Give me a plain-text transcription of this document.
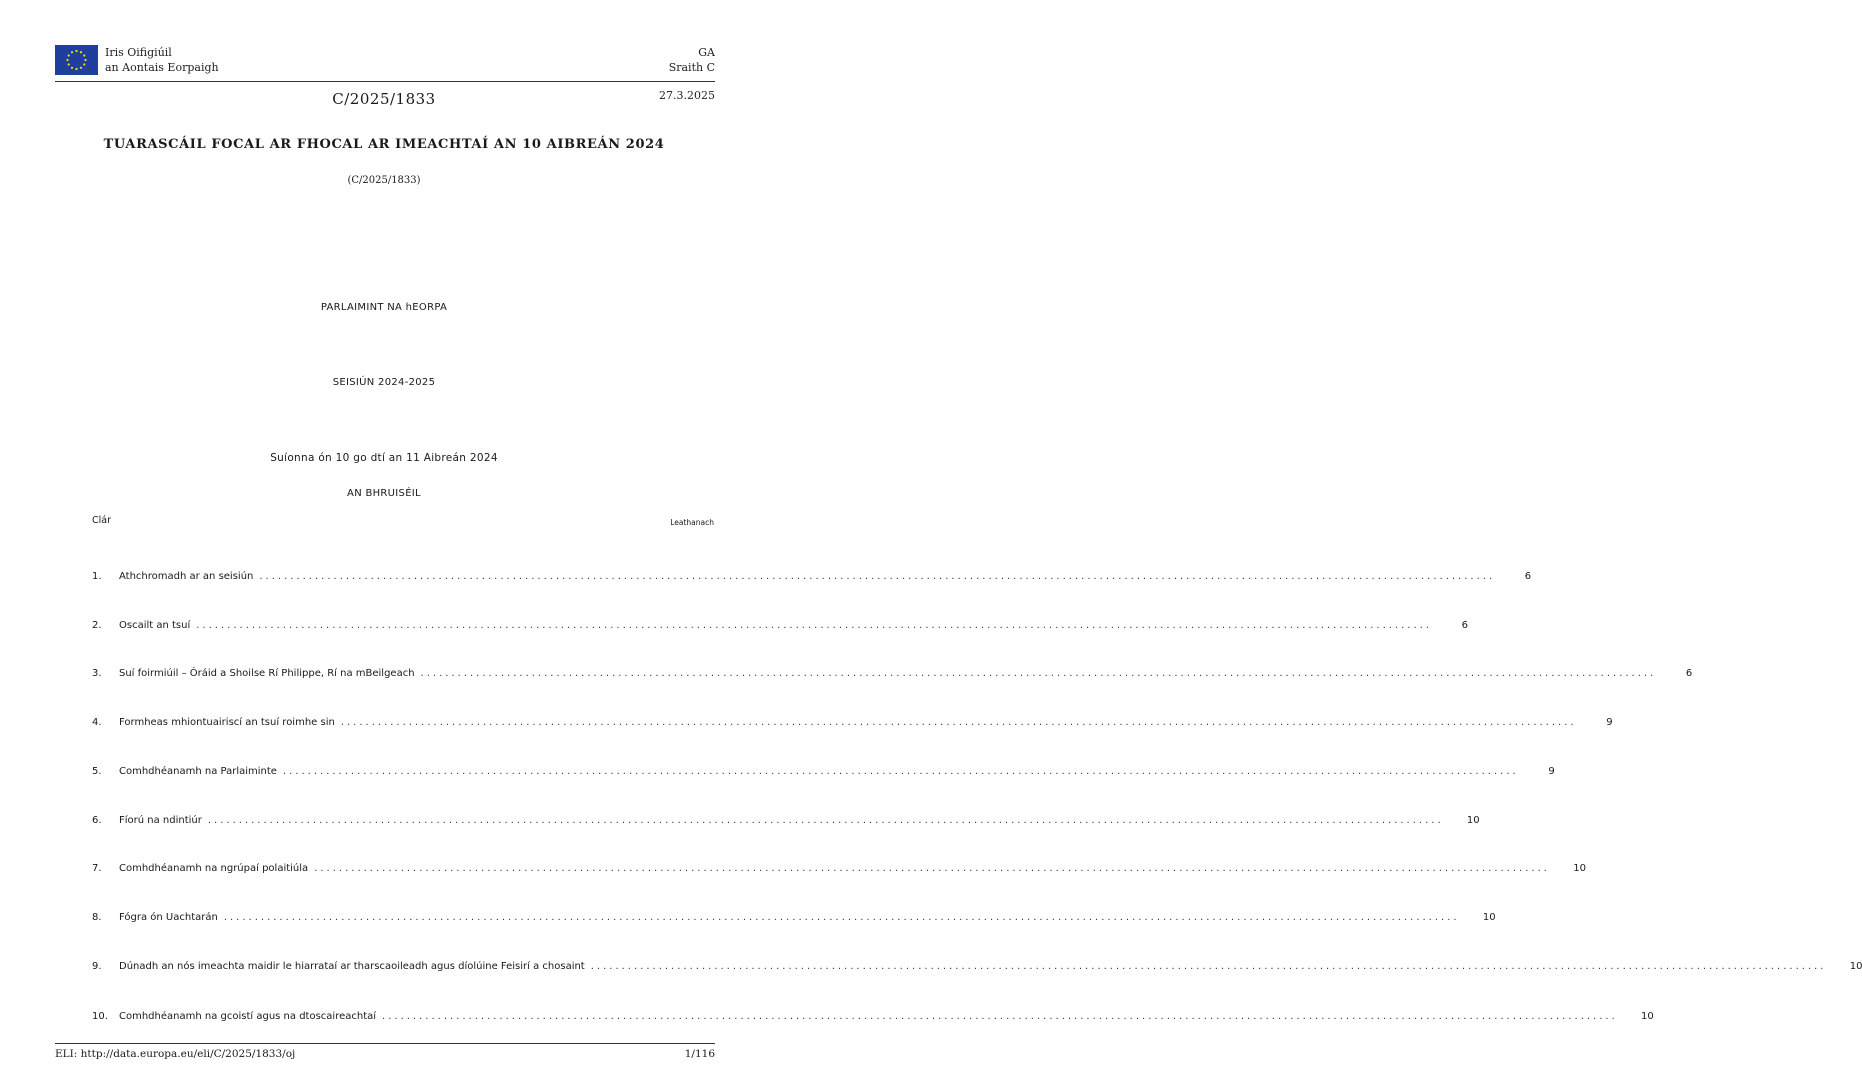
Iris Oifigiúil
an Aontais Eorpaigh
GA
Sraith C
C/2025/1833	27.3.2025
TUARASCÁIL FOCAL AR FHOCAL AR IMEACHTAÍ AN 10 AIBREÁN 2024
(C/2025/1833)
PARLAIMINT NA hEORPA
SEISIÚN 2024-2025
Suíonna ón 10 go dtí an 11 Aibreán 2024
AN BHRUISÉIL
Clár	Leathanach
1.	Athchromadh ar an seisiún ........................................................................................................................................................................................................	6
2.	Oscailt an tsuí ........................................................................................................................................................................................................	6
3.	Suí foirmiúil – Óráid a Shoilse Rí Philippe, Rí na mBeilgeach ........................................................................................................................................................................................................	6
4.	Formheas mhiontuairiscí an tsuí roimhe sin ........................................................................................................................................................................................................	9
5.	Comhdhéanamh na Parlaiminte ........................................................................................................................................................................................................	9
6.	Fíorú na ndintiúr ........................................................................................................................................................................................................	10
7.	Comhdhéanamh na ngrúpaí polaitiúla ........................................................................................................................................................................................................	10
8.	Fógra ón Uachtarán ........................................................................................................................................................................................................	10
9.	Dúnadh an nós imeachta maidir le hiarrataí ar tharscaoileadh agus díolúine Feisirí a chosaint ........................................................................................................................................................................................................	10
10.	Comhdhéanamh na gcoistí agus na dtoscaireachtaí ........................................................................................................................................................................................................	10
ELI: http://data.europa.eu/eli/C/2025/1833/oj	1/116
